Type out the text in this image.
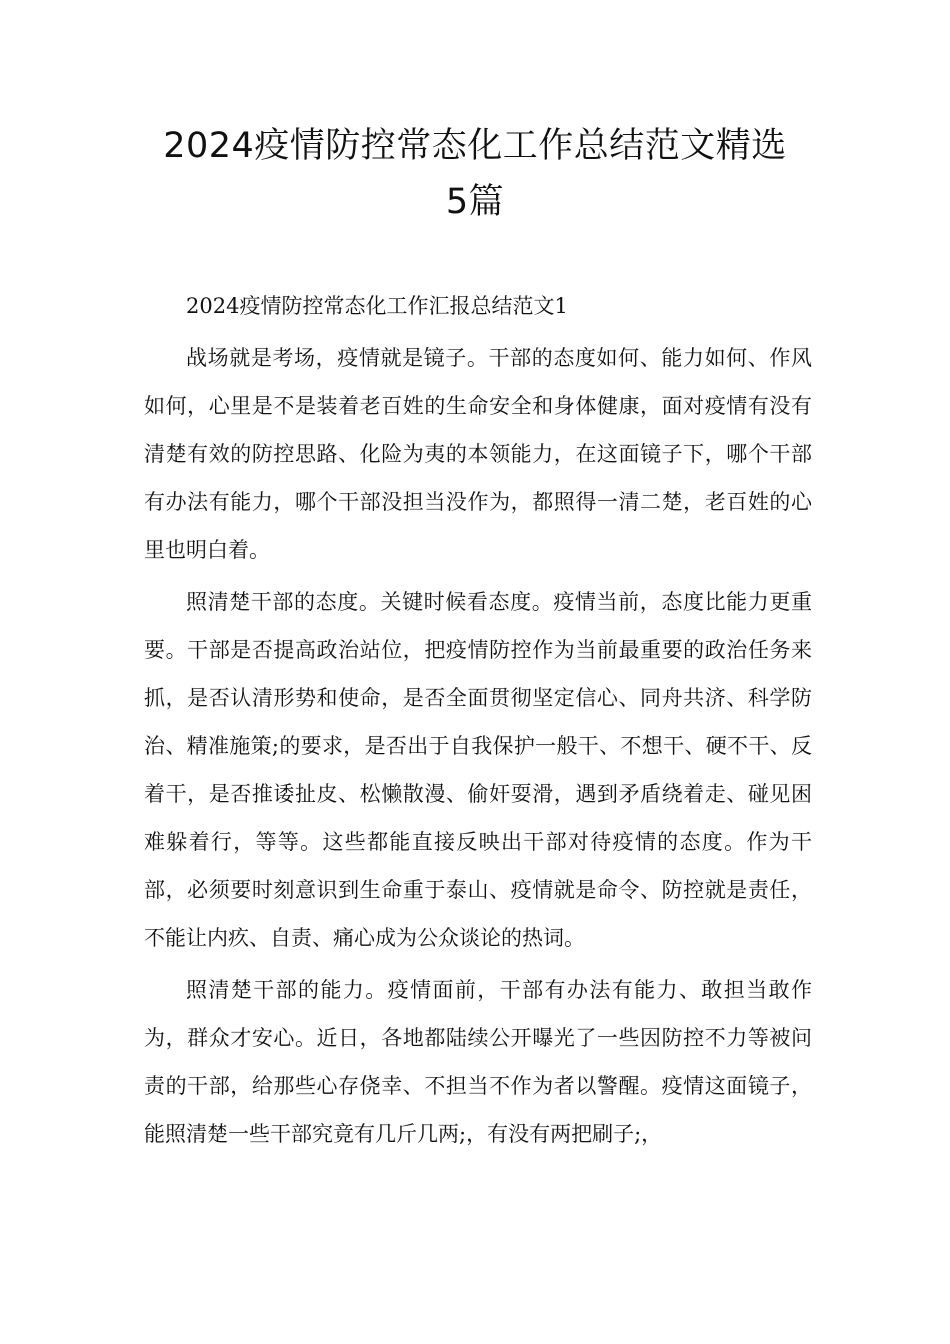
2024疫情防控常态化工作总结范文精选
5篇

2024疫情防控常态化工作汇报总结范文1

战场就是考场，疫情就是镜子。干部的态度如何、能力如何、作风如何，心里是不是装着老百姓的生命安全和身体健康，面对疫情有没有清楚有效的防控思路、化险为夷的本领能力，在这面镜子下，哪个干部有办法有能力，哪个干部没担当没作为，都照得一清二楚，老百姓的心里也明白着。

照清楚干部的态度。关键时候看态度。疫情当前，态度比能力更重要。干部是否提高政治站位，把疫情防控作为当前最重要的政治任务来抓，是否认清形势和使命，是否全面贯彻坚定信心、同舟共济、科学防治、精准施策;的要求，是否出于自我保护一般干、不想干、硬不干、反着干，是否推诿扯皮、松懒散漫、偷奸耍滑，遇到矛盾绕着走、碰见困难躲着行，等等。这些都能直接反映出干部对待疫情的态度。作为干部，必须要时刻意识到生命重于泰山、疫情就是命令、防控就是责任，不能让内疚、自责、痛心成为公众谈论的热词。

照清楚干部的能力。疫情面前，干部有办法有能力、敢担当敢作为，群众才安心。近日，各地都陆续公开曝光了一些因防控不力等被问责的干部，给那些心存侥幸、不担当不作为者以警醒。疫情这面镜子，能照清楚一些干部究竟有几斤几两;，有没有两把刷子;，
